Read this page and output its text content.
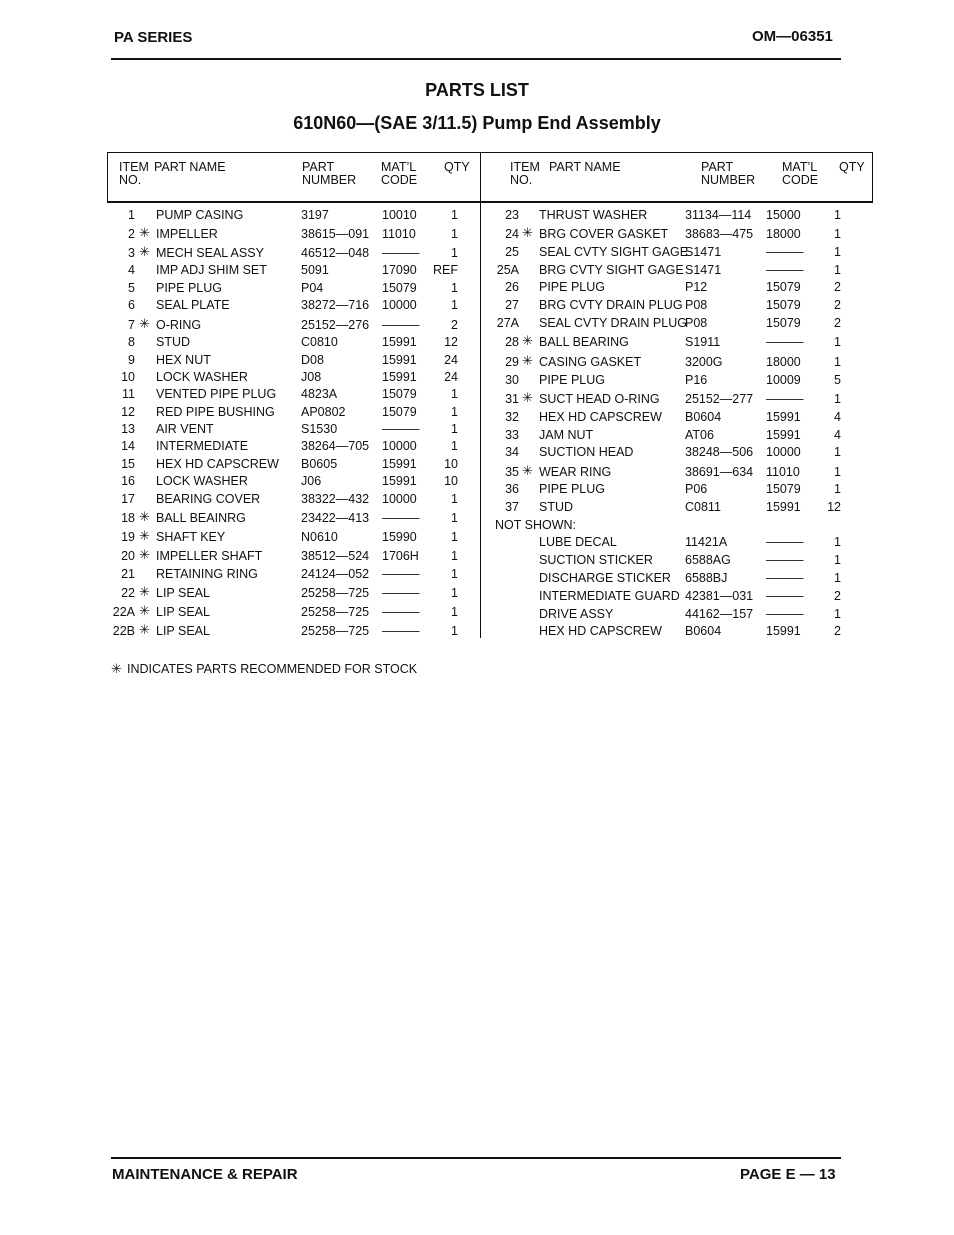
PA SERIES	OM—06351
PARTS LIST
610N60—(SAE 3/11.5) Pump End Assembly
ITEM
NO.
PART NAME	PART
NUMBER
MAT’L
CODE
QTY	ITEM
NO.
PART NAME	PART
NUMBER
MAT’L
CODE
QTY
1 PUMP CASING	3197	10010	1
2 ✳ IMPELLER	38615—091 11010	1
3 ✳ MECH SEAL ASSY	46512—048 ———	1
4 IMP ADJ SHIM SET	5091	17090	REF
5 PIPE PLUG	P04	15079	1
6 SEAL PLATE	38272—716 10000	1
7 ✳ O-RING	25152—276 ———	2
8 STUD	C0810	15991	12
9 HEX NUT	D08	15991	24
10 LOCK WASHER	J08	15991	24
11 VENTED PIPE PLUG 4823A	15079	1
12 RED PIPE BUSHING AP0802	15079	1
13 AIR VENT	S1530	———	1
14 INTERMEDIATE	38264—705 10000	1
15 HEX HD CAPSCREW B0605	15991	10
16 LOCK WASHER	J06	15991	10
17 BEARING COVER	38322—432 10000	1
18 ✳ BALL BEAINRG	23422—413 ———	1
19 ✳ SHAFT KEY	N0610	15990	1
20 ✳ IMPELLER SHAFT	38512—524 1706H	1
21 RETAINING RING	24124—052 ———	1
22 ✳ LIP SEAL	25258—725 ———	1
22A ✳ LIP SEAL	25258—725 ———	1
22B ✳ LIP SEAL	25258—725 ———	1
23 THRUST WASHER	31134—114 15000	1
24 ✳ BRG COVER GASKET 38683—475 18000	1
25 SEAL CVTY SIGHT GAGE
S1471	———	1
25A BRG CVTY SIGHT GAGE S1471	———	1
26 PIPE PLUG	P12	15079	2
27 BRG CVTY DRAIN PLUG P08	15079	2
27A SEAL CVTY DRAIN PLUG
P08	15079	2
28 ✳ BALL BEARING	S1911	———	1
29 ✳ CASING GASKET	3200G	18000	1
30 PIPE PLUG	P16	10009	5
31 ✳ SUCT HEAD O-RING 25152—277 ———	1
32 HEX HD CAPSCREW B0604	15991	4
33 JAM NUT	AT06	15991	4
34 SUCTION HEAD	38248—506 10000	1
35 ✳ WEAR RING	38691—634 11010	1
36 PIPE PLUG	P06	15079	1
37 STUD	C0811	15991	12
NOT SHOWN:
LUBE DECAL	11421A	———	1
SUCTION STICKER	6588AG	———	1
DISCHARGE STICKER 6588BJ	———	1
INTERMEDIATE GUARD 42381—031 ———	2
DRIVE ASSY	44162—157 ———	1
HEX HD CAPSCREW B0604	15991	2
✳ INDICATES PARTS RECOMMENDED FOR STOCK
MAINTENANCE & REPAIR	PAGE E — 13
